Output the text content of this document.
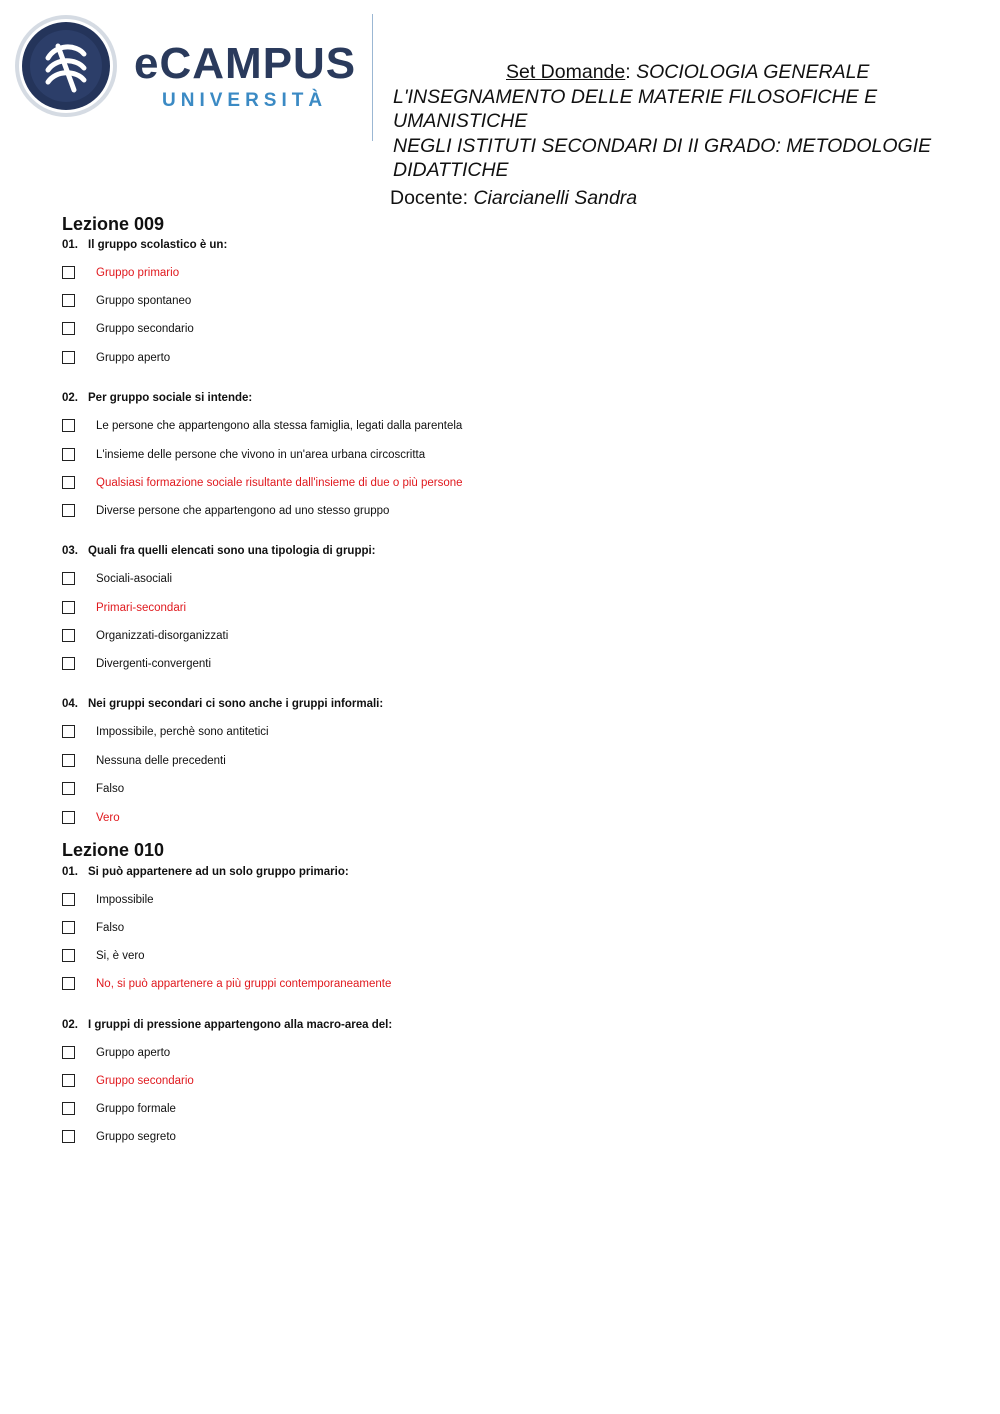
eCAMPUS
UNIVERSITÀ
Set Domande: SOCIOLOGIA GENERALE
L'INSEGNAMENTO DELLE MATERIE FILOSOFICHE E
UMANISTICHE
NEGLI ISTITUTI SECONDARI DI II GRADO: METODOLOGIE
DIDATTICHE
Docente: Ciarcianelli Sandra
Lezione 009
01. Il gruppo scolastico è un:
Gruppo primario
Gruppo spontaneo
Gruppo secondario
Gruppo aperto
02. Per gruppo sociale si intende:
Le persone che appartengono alla stessa famiglia, legati dalla parentela
L'insieme delle persone che vivono in un'area urbana circoscritta
Qualsiasi formazione sociale risultante dall'insieme di due o più persone
Diverse persone che appartengono ad uno stesso gruppo
03. Quali fra quelli elencati sono una tipologia di gruppi:
Sociali-asociali
Primari-secondari
Organizzati-disorganizzati
Divergenti-convergenti
04. Nei gruppi secondari ci sono anche i gruppi informali:
Impossibile, perchè sono antitetici
Nessuna delle precedenti
Falso
Vero
Lezione 010
01. Si può appartenere ad un solo gruppo primario:
Impossibile
Falso
Si, è vero
No, si può appartenere a più gruppi contemporaneamente
02. I gruppi di pressione appartengono alla macro-area del:
Gruppo aperto
Gruppo secondario
Gruppo formale
Gruppo segreto
